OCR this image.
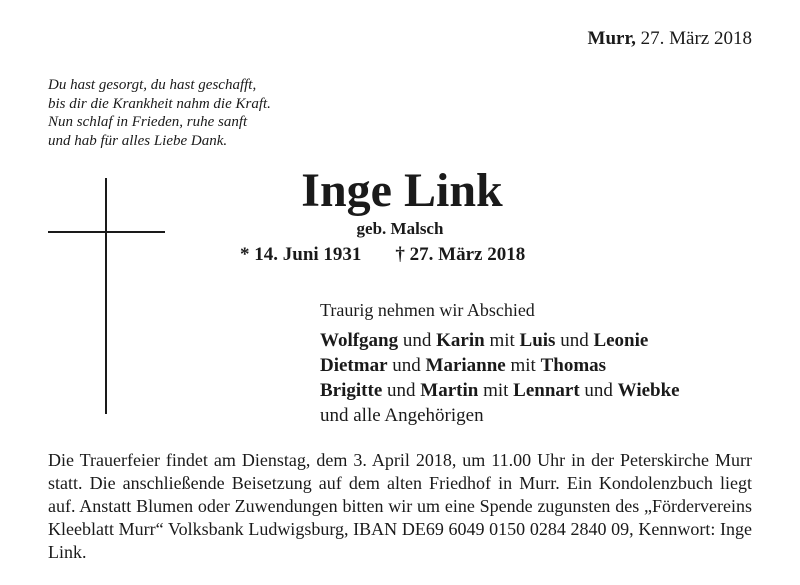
Murr, 27. März 2018
Du hast gesorgt, du hast geschafft,
bis dir die Krankheit nahm die Kraft.
Nun schlaf in Frieden, ruhe sanft
und hab für alles Liebe Dank.
Inge Link
geb. Malsch
* 14. Juni 1931 † 27. März 2018
Traurig nehmen wir Abschied
Wolfgang und Karin mit Luis und Leonie
Dietmar und Marianne mit Thomas
Brigitte und Martin mit Lennart und Wiebke
und alle Angehörigen
Die Trauerfeier findet am Dienstag, dem 3. April 2018, um 11.00 Uhr in der Peterskirche Murr statt. Die anschließende Beisetzung auf dem alten Friedhof in Murr. Ein Kondolenzbuch liegt auf. Anstatt Blumen oder Zuwendungen bitten wir um eine Spende zugunsten des „Fördervereins Kleeblatt Murr“ Volksbank Ludwigsburg, IBAN DE69 6049 0150 0284 2840 09, Kennwort: Inge Link.
